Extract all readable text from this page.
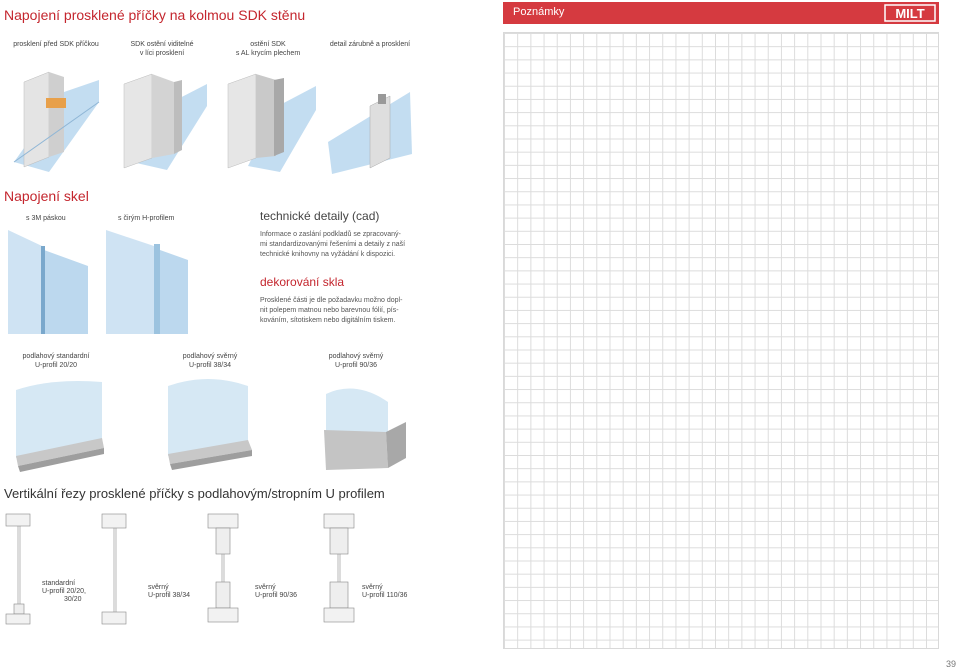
Napojení prosklené příčky na kolmou SDK stěnu
prosklení před SDK příčkou	SDK ostění viditelné
v líci prosklení
ostění SDK
s AL krycím plechem
detail zárubně a prosklení
Napojení skel
s 3M páskou	s čirým H-profilem	technické detaily (cad)
Informace o zaslání podkladů se zpracovaný-
mi standardizovanými řešeními a detaily z naší
technické knihovny na vyžádání k dispozici.
dekorování skla
Prosklené části je dle požadavku možno dopl-
nit polepem matnou nebo barevnou fólií, pís-
kováním, sítotiskem nebo digitálním tiskem.
podlahový standardní
U-profil 20/20
podlahový svěrný
U-profil 38/34
podlahový svěrný
U-profil 90/36
Vertikální řezy prosklené příčky s podlahovým/stropním U profilem
standardní
U-profil 20/20,
30/20
svěrný
U-profil 38/34
svěrný
U-profil 90/36
svěrný
U-profil 110/36
Poznámky	MILT
39
